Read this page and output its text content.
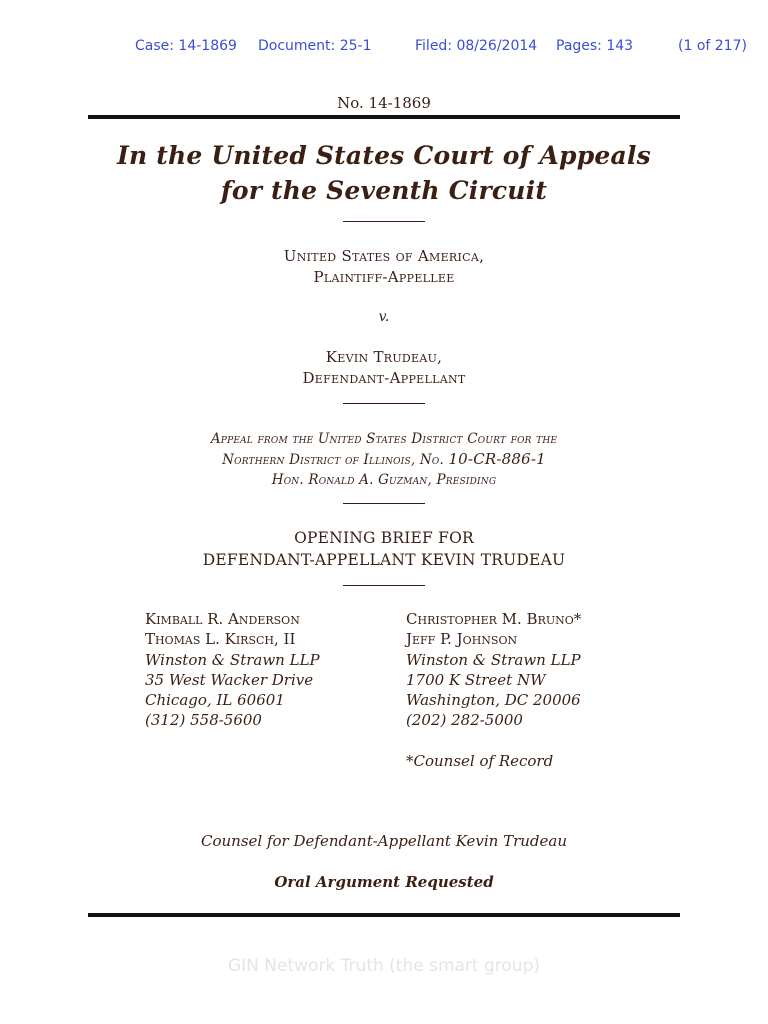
Case: 14-1869 Document: 25-1	Filed: 08/26/2014 Pages: 143	(1 of 217)
No. 14-1869
In the United States Court of Appeals
for the Seventh Circuit
United States of America,
Plaintiff-Appellee
v.
Kevin Trudeau,
Defendant-Appellant
Appeal from the United States District Court for the
Northern District of Illinois, No. 10-CR-886-1
Hon. Ronald A. Guzman, Presiding
OPENING BRIEF FOR
DEFENDANT-APPELLANT KEVIN TRUDEAU
Kimball R. Anderson
Thomas L. Kirsch, II
Winston & Strawn LLP
35 West Wacker Drive
Chicago, IL 60601
(312) 558-5600
Christopher M. Bruno*
Jeff P. Johnson
Winston & Strawn LLP
1700 K Street NW
Washington, DC 20006
(202) 282-5000
*Counsel of Record
Counsel for Defendant-Appellant Kevin Trudeau
Oral Argument Requested
GIN Network Truth (the smart group)
